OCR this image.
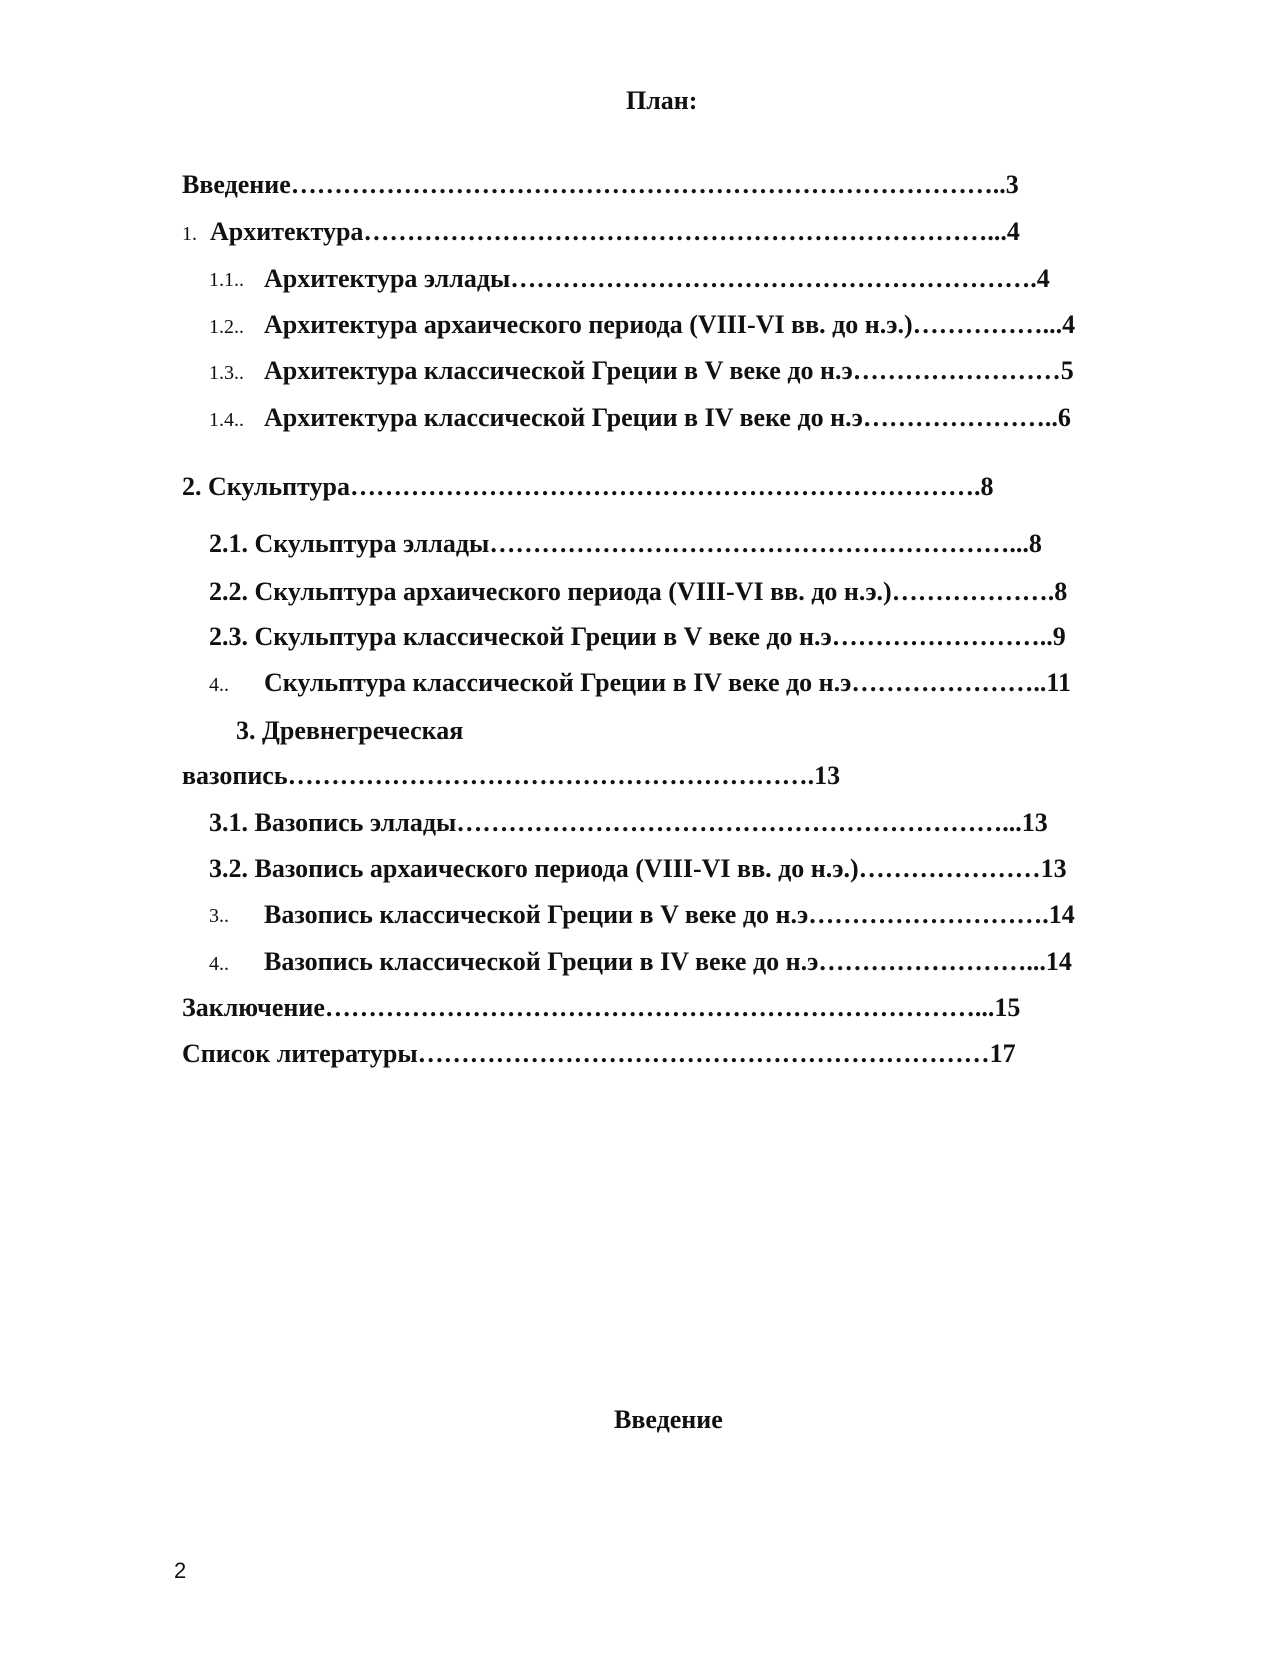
План:
Введение………………………………………………………………………..3
1. Архитектура………………………………………………………………...4
1.1.. Архитектура эллады…………………………………………………….4
1.2.. Архитектура архаического периода (VIII-VI вв. до н.э.)……………...4
1.3.. Архитектура классической Греции в V веке до н.э……………………5
1.4.. Архитектура классической Греции в IV веке до н.э…………………..6
2. Скульптура……………………………………………………………….8
2.1. Скульптура эллады……………………………………………………...8
2.2. Скульптура архаического периода (VIII-VI вв. до н.э.)……………….8
2.3. Скульптура классической Греции в V веке до н.э……………………..9
4.. Скульптура классической Греции в IV веке до н.э…………………..11
3. Древнегреческая
вазопись…………………………………………………….13
3.1. Вазопись эллады………………………………………………………...13
3.2. Вазопись архаического периода (VIII-VI вв. до н.э.)…………………13
3.. Вазопись классической Греции в V веке до н.э……………………….14
4.. Вазопись классической Греции в IV веке до н.э……………………...14
Заключение…………………………………………………………………...15
Список литературы…………………………………………………………17
Введение
2
